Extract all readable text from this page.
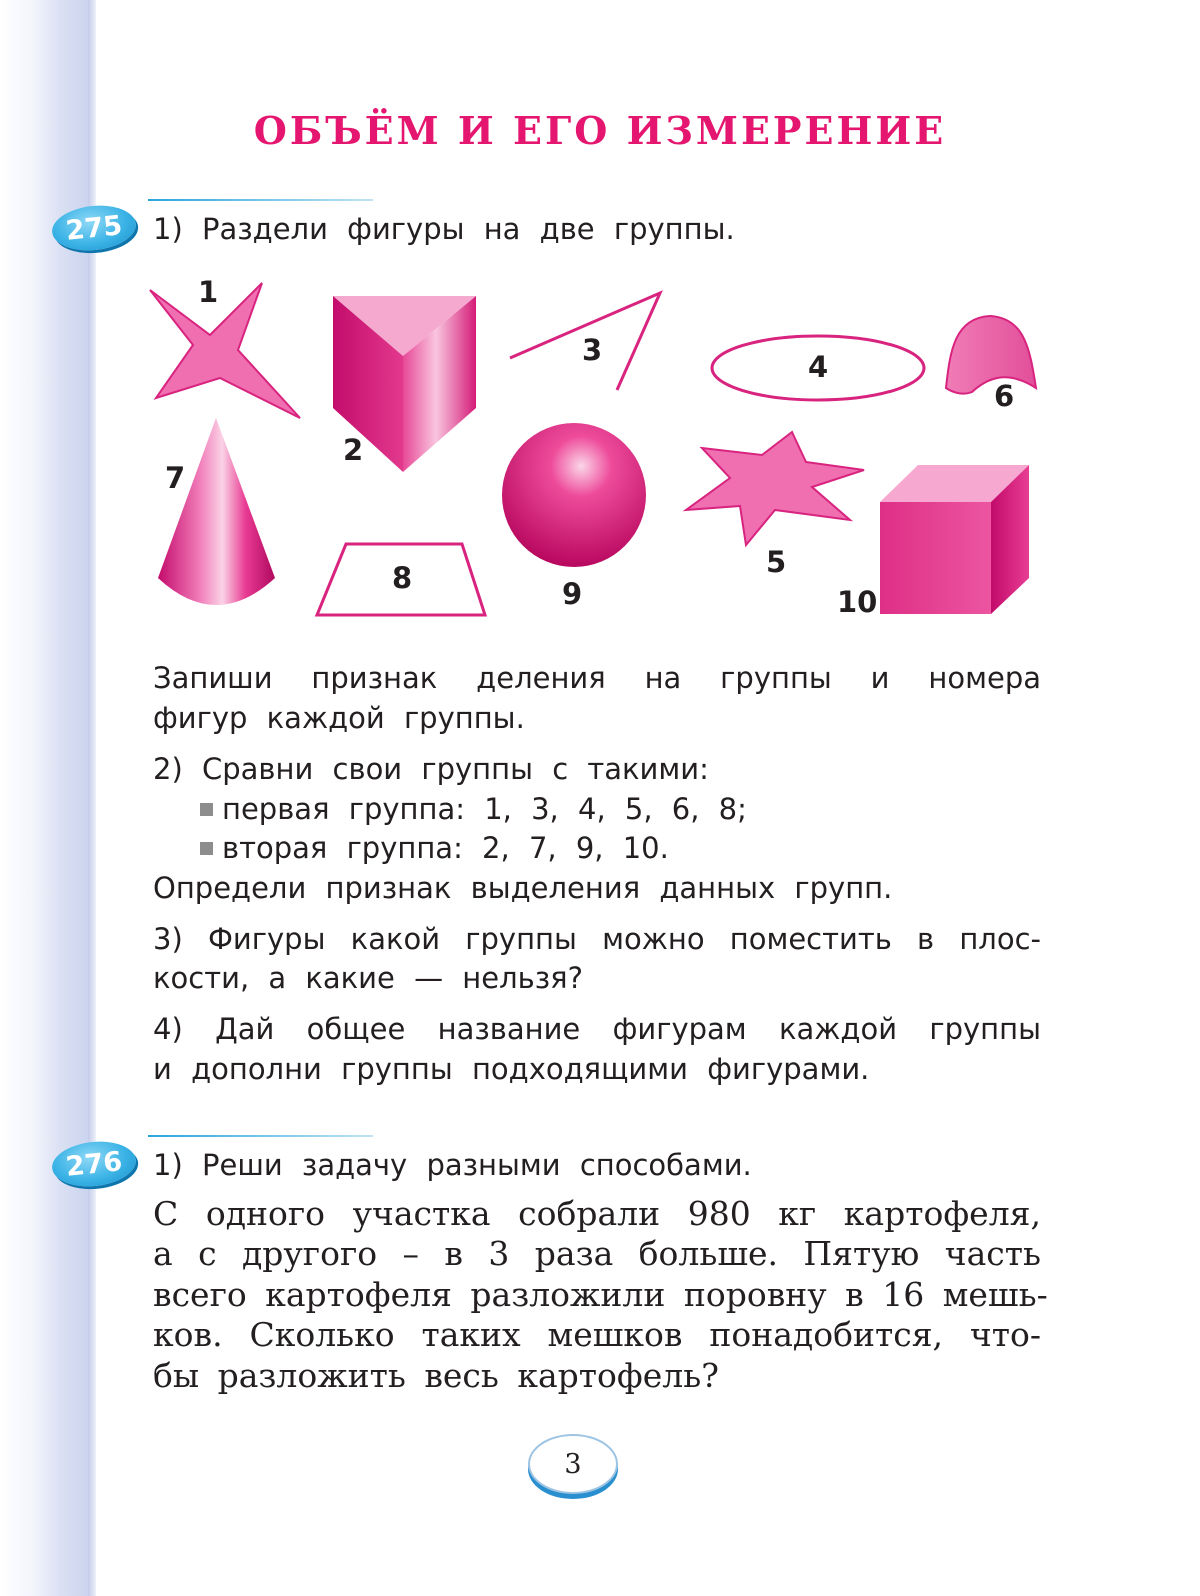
ОБЪЁМ И ЕГО ИЗМЕРЕНИЕ
275	1) Раздели фигуры на две группы.
1
2
3	4
6
7
8	9
5
10
Запиши признак деления на группы и номера
фигур каждой группы.
2) Сравни свои группы с такими:
первая группа: 1, 3, 4, 5, 6, 8;
вторая группа: 2, 7, 9, 10.
Определи признак выделения данных групп.
3) Фигуры какой группы можно поместить в плос-
кости, а какие — нельзя?
4) Дай общее название фигурам каждой группы
и дополни группы подходящими фигурами.
276	1) Реши задачу разными способами.
С одного участка собрали 980 кг картофеля,
а с другого – в 3 раза больше. Пятую часть
всего картофеля разложили поровну в 16 мешь-
ков. Сколько таких мешков понадобится, что-
бы разложить весь картофель?
3
